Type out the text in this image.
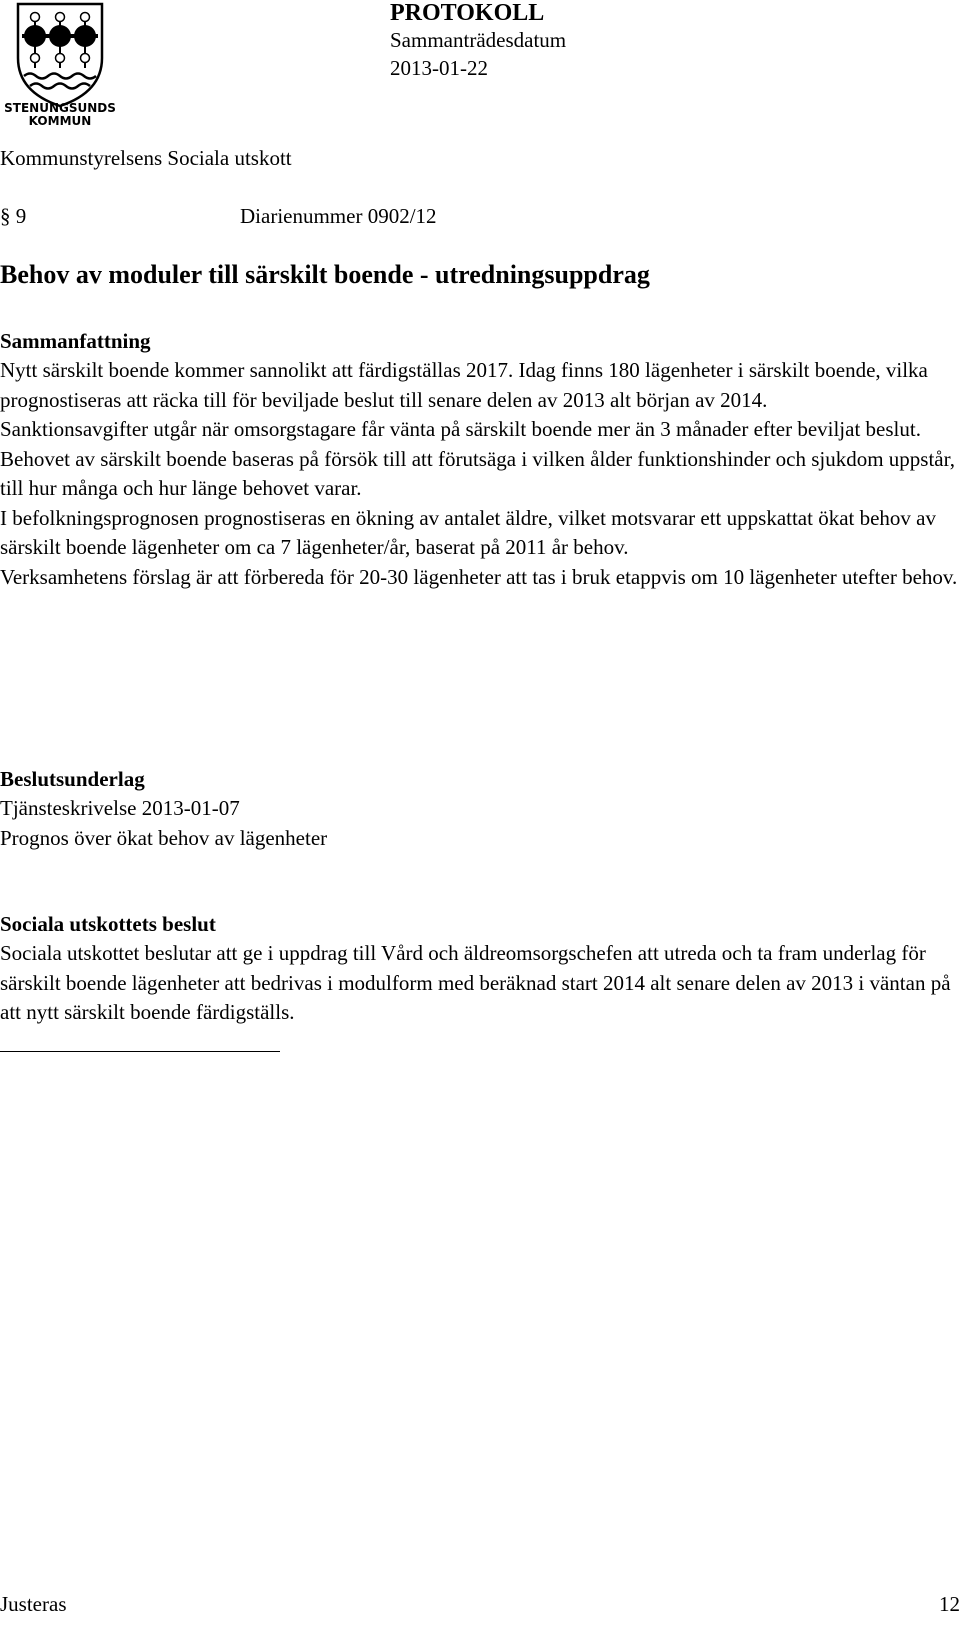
STENUNGSUNDS
KOMMUN
PROTOKOLL
Sammanträdesdatum
2013-01-22
Kommunstyrelsens Sociala utskott
§ 9	Diarienummer 0902/12
Behov av moduler till särskilt boende - utredningsuppdrag
Sammanfattning

Nytt särskilt boende kommer sannolikt att färdigställas 2017. Idag finns 180 lägenheter i särskilt boende, vilka prognostiseras att räcka till för beviljade beslut till senare delen av 2013 alt början av 2014.

Sanktionsavgifter utgår när omsorgstagare får vänta på särskilt boende mer än 3 månader efter beviljat beslut.

Behovet av särskilt boende baseras på försök till att förutsäga i vilken ålder funktionshinder och sjukdom uppstår, till hur många och hur länge behovet varar.

I befolkningsprognosen prognostiseras en ökning av antalet äldre, vilket motsvarar ett uppskattat ökat behov av särskilt boende lägenheter om ca 7 lägenheter/år, baserat på 2011 år behov.

Verksamhetens förslag är att förbereda för 20-30 lägenheter att tas i bruk etappvis om 10 lägenheter utefter behov.

Beslutsunderlag

Tjänsteskrivelse 2013-01-07

Prognos över ökat behov av lägenheter

Sociala utskottets beslut

Sociala utskottet beslutar att ge i uppdrag till Vård och äldreomsorgschefen att utreda och ta fram underlag för särskilt boende lägenheter att bedrivas i modulform med beräknad start 2014 alt senare delen av 2013 i väntan på att nytt särskilt boende färdigställs.

Justeras	12
